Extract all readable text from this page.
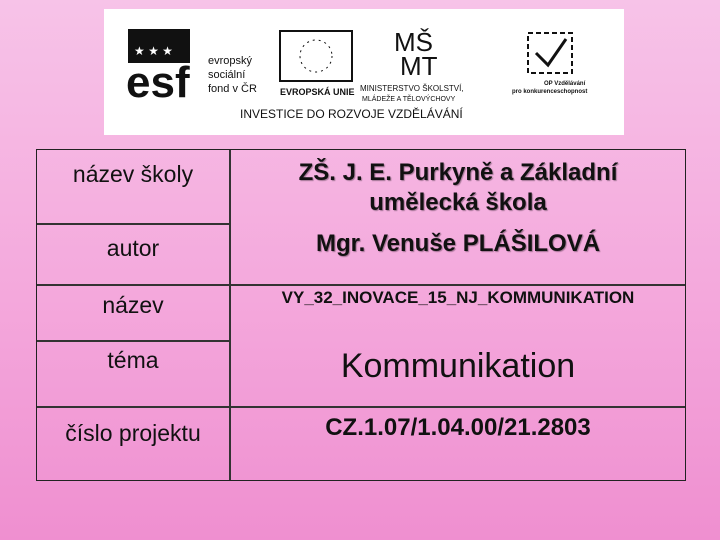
★ ★ ★
esf evropský
sociální
fond v ČR	EVROPSKÁ UNIE
MŠ
MT
MINISTERSTVO ŠKOLSTVÍ,
MLÁDEŽE A TĚLOVÝCHOVY
OP Vzdělávání
pro konkurenceschopnost
INVESTICE DO ROZVOJE VZDĚLÁVÁNÍ
název školy
autor
název
téma
číslo projektu
ZŠ. J. E. Purkyně a Základní
umělecká škola
Mgr. Venuše PLÁŠILOVÁ
VY_32_INOVACE_15_NJ_KOMMUNIKATION
Kommunikation
CZ.1.07/1.04.00/21.2803
